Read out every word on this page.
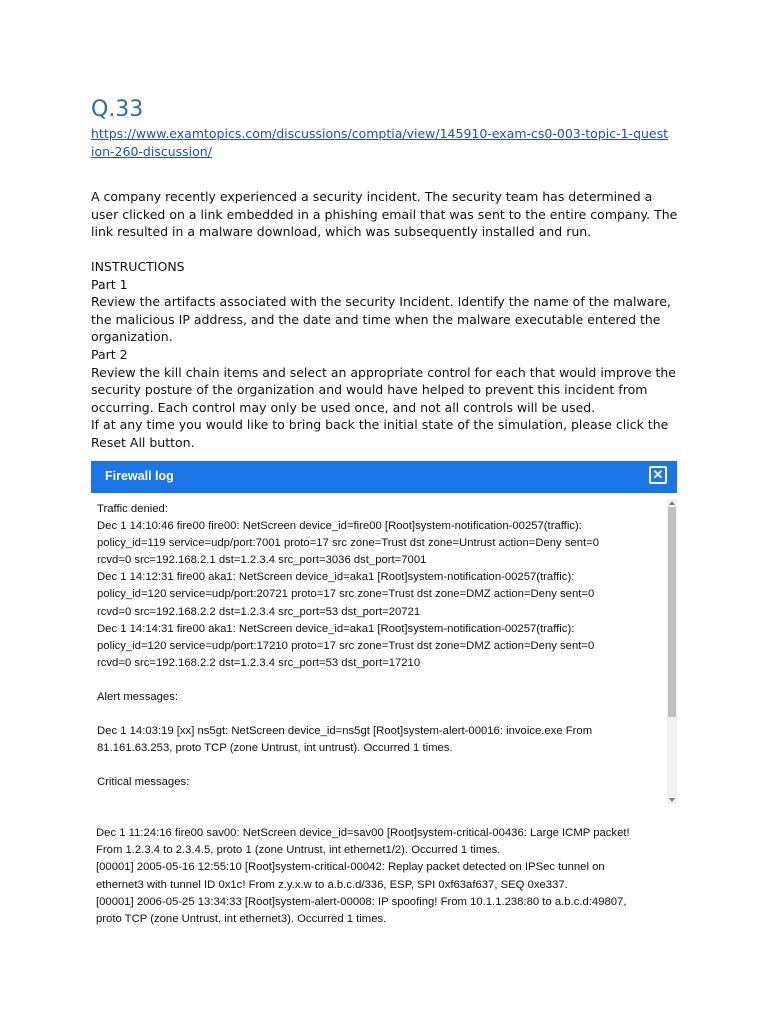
Q.33
https://www.examtopics.com/discussions/comptia/view/145910-exam-cs0-003-topic-1-question-260-discussion/
A company recently experienced a security incident. The security team has determined a user clicked on a link embedded in a phishing email that was sent to the entire company. The link resulted in a malware download, which was subsequently installed and run.
INSTRUCTIONS
Part 1
Review the artifacts associated with the security Incident. Identify the name of the malware, the malicious IP address, and the date and time when the malware executable entered the organization.
Part 2
Review the kill chain items and select an appropriate control for each that would improve the security posture of the organization and would have helped to prevent this incident from occurring. Each control may only be used once, and not all controls will be used.
If at any time you would like to bring back the initial state of the simulation, please click the Reset All button.
Firewall log	✕
Traffic denied:
Dec 1 14:10:46 fire00 fire00: NetScreen device_id=fire00 [Root]system-notification-00257(traffic):
policy_id=119 service=udp/port:7001 proto=17 src zone=Trust dst zone=Untrust action=Deny sent=0
rcvd=0 src=192.168.2.1 dst=1.2.3.4 src_port=3036 dst_port=7001
Dec 1 14:12:31 fire00 aka1: NetScreen device_id=aka1 [Root]system-notification-00257(traffic):
policy_id=120 service=udp/port:20721 proto=17 src zone=Trust dst zone=DMZ action=Deny sent=0
rcvd=0 src=192.168.2.2 dst=1.2.3.4 src_port=53 dst_port=20721
Dec 1 14:14:31 fire00 aka1: NetScreen device_id=aka1 [Root]system-notification-00257(traffic):
policy_id=120 service=udp/port:17210 proto=17 src zone=Trust dst zone=DMZ action=Deny sent=0
rcvd=0 src=192.168.2.2 dst=1.2.3.4 src_port=53 dst_port=17210
Alert messages:
Dec 1 14:03:19 [xx] ns5gt: NetScreen device_id=ns5gt [Root]system-alert-00016: invoice.exe From
81.161.63.253, proto TCP (zone Untrust, int untrust). Occurred 1 times.
Critical messages:
Dec 1 11:24:16 fire00 sav00: NetScreen device_id=sav00 [Root]system-critical-00436: Large ICMP packet!
From 1.2.3.4 to 2.3.4.5, proto 1 (zone Untrust, int ethernet1/2). Occurred 1 times.
[00001] 2005-05-16 12:55:10 [Root]system-critical-00042: Replay packet detected on IPSec tunnel on
ethernet3 with tunnel ID 0x1c! From z.y.x.w to a.b.c.d/336, ESP, SPI 0xf63af637, SEQ 0xe337.
[00001] 2006-05-25 13:34:33 [Root]system-alert-00008: IP spoofing! From 10.1.1.238:80 to a.b.c.d:49807,
proto TCP (zone Untrust, int ethernet3). Occurred 1 times.
